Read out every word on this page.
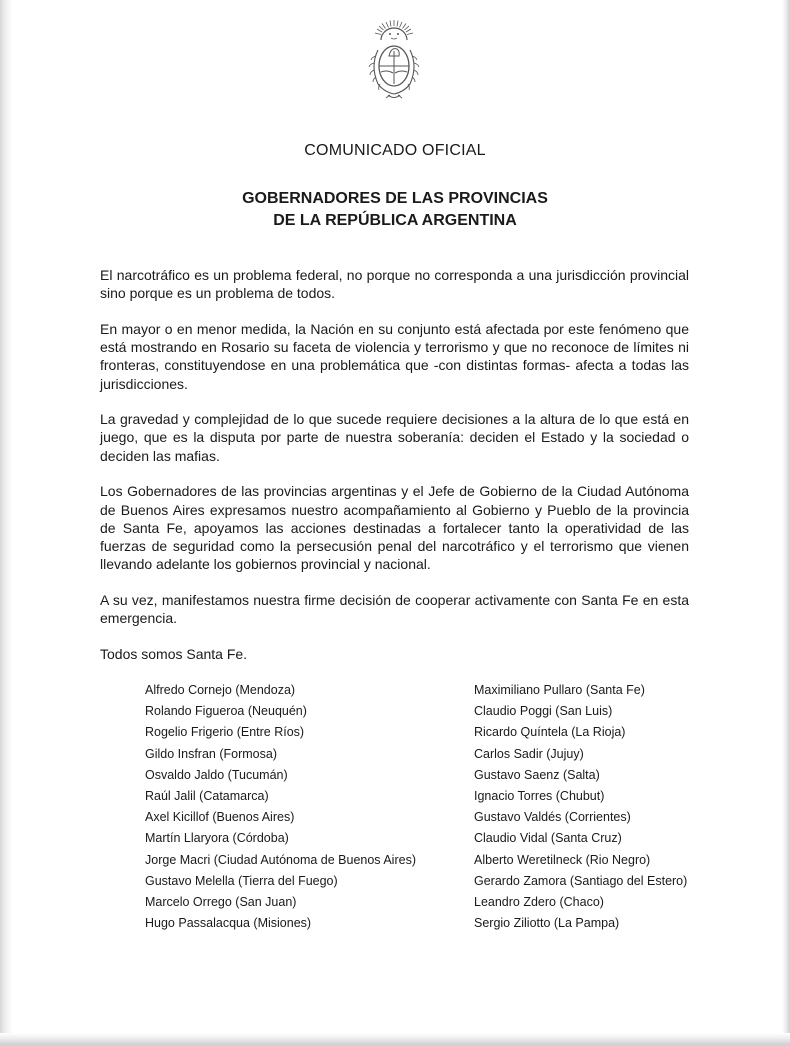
COMUNICADO OFICIAL
GOBERNADORES DE LAS PROVINCIAS
DE LA REPÚBLICA ARGENTINA

El narcotráfico es un problema federal, no porque no corresponda a una jurisdicción provincial sino porque es un problema de todos.

En mayor o en menor medida, la Nación en su conjunto está afectada por este fenómeno que está mostrando en Rosario su faceta de violencia y terrorismo y que no reconoce de límites ni fronteras, constituyendose en una problemática que -con distintas formas- afecta a todas las jurisdicciones.

La gravedad y complejidad de lo que sucede requiere decisiones a la altura de lo que está en juego, que es la disputa por parte de nuestra soberanía: deciden el Estado y la sociedad o deciden las mafias.

Los Gobernadores de las provincias argentinas y el Jefe de Gobierno de la Ciudad Autónoma de Buenos Aires expresamos nuestro acompañamiento al Gobierno y Pueblo de la provincia de Santa Fe, apoyamos las acciones destinadas a fortalecer tanto la operatividad de las fuerzas de seguridad como la persecusión penal del narcotráfico y el terrorismo que vienen llevando adelante los gobiernos provincial y nacional.

A su vez, manifestamos nuestra firme decisión de cooperar activamente con Santa Fe en esta emergencia.

Todos somos Santa Fe.

Alfredo Cornejo (Mendoza)
Rolando Figueroa (Neuquén)
Rogelio Frigerio (Entre Ríos)
Gildo Insfran (Formosa)
Osvaldo Jaldo (Tucumán)
Raúl Jalil (Catamarca)
Axel Kicillof (Buenos Aires)
Martín Llaryora (Córdoba)
Jorge Macri (Ciudad Autónoma de Buenos Aires)
Gustavo Melella (Tierra del Fuego)
Marcelo Orrego (San Juan)
Hugo Passalacqua (Misiones)
Maximiliano Pullaro (Santa Fe)
Claudio Poggi (San Luis)
Ricardo Quíntela (La Rioja)
Carlos Sadir (Jujuy)
Gustavo Saenz (Salta)
Ignacio Torres (Chubut)
Gustavo Valdés (Corrientes)
Claudio Vidal (Santa Cruz)
Alberto Weretilneck (Rio Negro)
Gerardo Zamora (Santiago del Estero)
Leandro Zdero (Chaco)
Sergio Ziliotto (La Pampa)
